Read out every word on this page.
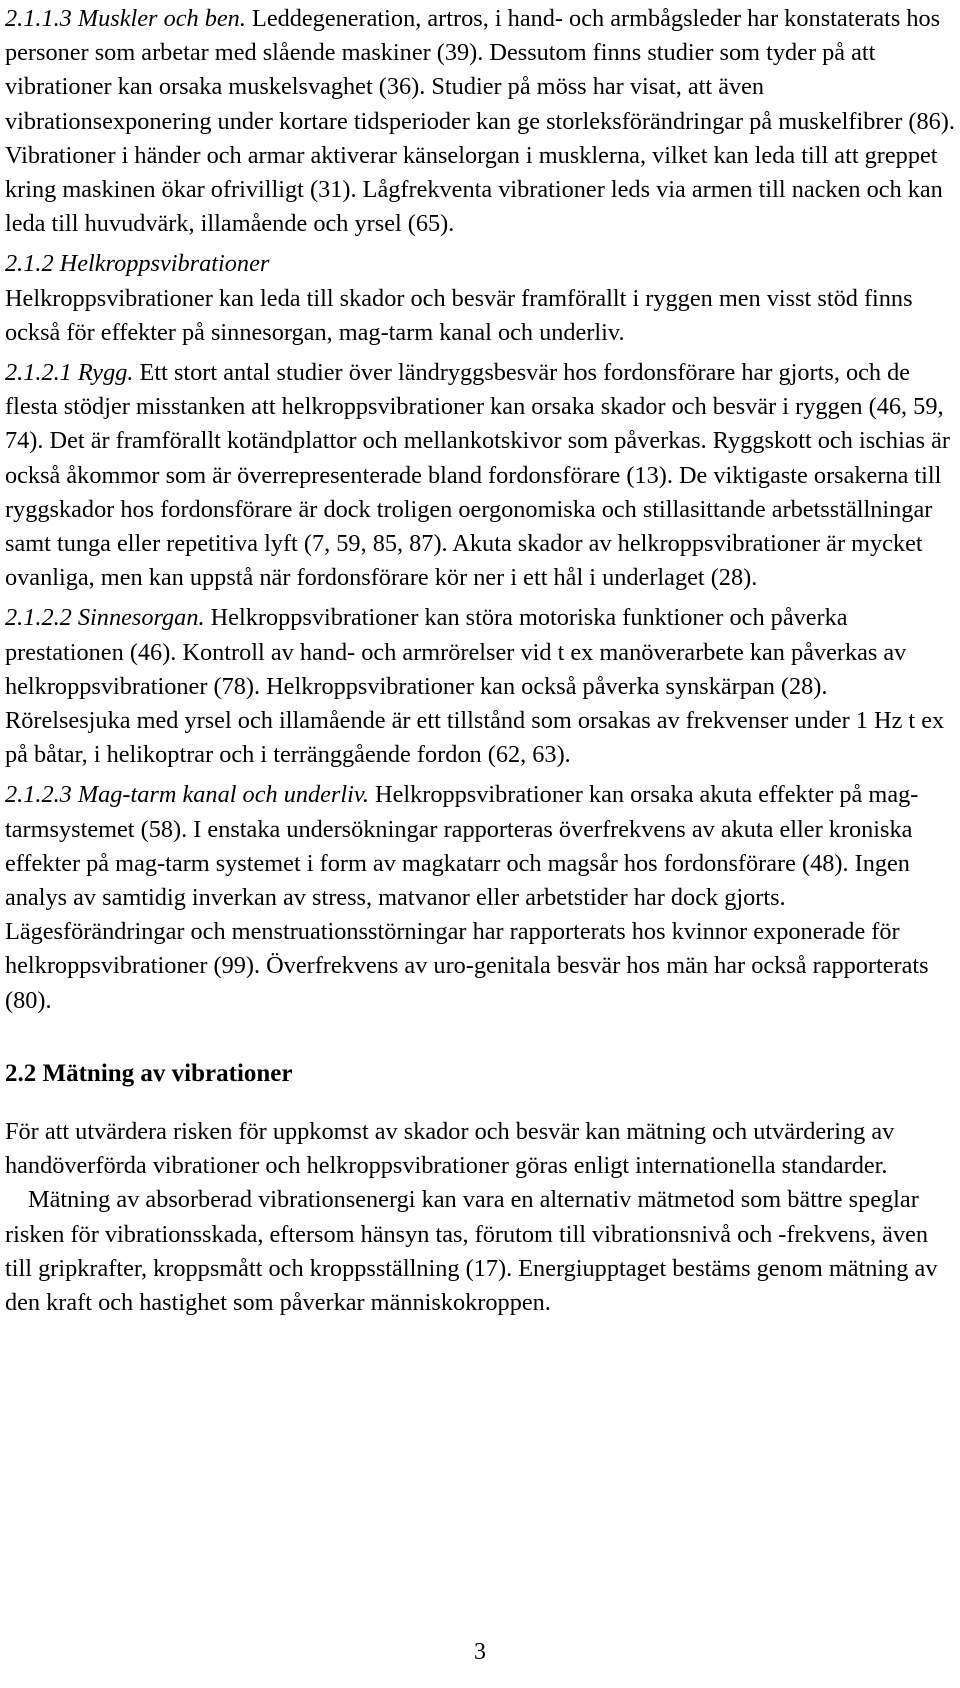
2.1.1.3 Muskler och ben. Leddegeneration, artros, i hand- och armbågsleder har konstaterats hos personer som arbetar med slående maskiner (39). Dessutom finns studier som tyder på att vibrationer kan orsaka muskelsvaghet (36). Studier på möss har visat, att även vibrationsexponering under kortare tidsperioder kan ge storleksförändringar på muskelfibrer (86). Vibrationer i händer och armar aktiverar känselorgan i musklerna, vilket kan leda till att greppet kring maskinen ökar ofrivilligt (31). Lågfrekventa vibrationer leds via armen till nacken och kan leda till huvudvärk, illamående och yrsel (65).

2.1.2 Helkroppsvibrationer

Helkroppsvibrationer kan leda till skador och besvär framförallt i ryggen men visst stöd finns också för effekter på sinnesorgan, mag-tarm kanal och underliv.

2.1.2.1 Rygg. Ett stort antal studier över ländryggsbesvär hos fordonsförare har gjorts, och de flesta stödjer misstanken att helkroppsvibrationer kan orsaka skador och besvär i ryggen (46, 59, 74). Det är framförallt kotändplattor och mellankotskivor som påverkas. Ryggskott och ischias är också åkommor som är överrepresenterade bland fordonsförare (13). De viktigaste orsakerna till ryggskador hos fordonsförare är dock troligen oergonomiska och stillasittande arbetsställningar samt tunga eller repetitiva lyft (7, 59, 85, 87). Akuta skador av helkroppsvibrationer är mycket ovanliga, men kan uppstå när fordonsförare kör ner i ett hål i underlaget (28).

2.1.2.2 Sinnesorgan. Helkroppsvibrationer kan störa motoriska funktioner och påverka prestationen (46). Kontroll av hand- och armrörelser vid t ex manöverarbete kan påverkas av helkroppsvibrationer (78). Helkroppsvibrationer kan också påverka synskärpan (28). Rörelsesjuka med yrsel och illamående är ett tillstånd som orsakas av frekvenser under 1 Hz t ex på båtar, i helikoptrar och i terränggående fordon (62, 63).

2.1.2.3 Mag-tarm kanal och underliv. Helkroppsvibrationer kan orsaka akuta effekter på mag-tarmsystemet (58). I enstaka undersökningar rapporteras överfrekvens av akuta eller kroniska effekter på mag-tarm systemet i form av magkatarr och magsår hos fordonsförare (48). Ingen analys av samtidig inverkan av stress, matvanor eller arbetstider har dock gjorts. Lägesförändringar och menstruationsstörningar har rapporterats hos kvinnor exponerade för helkroppsvibrationer (99). Överfrekvens av uro-genitala besvär hos män har också rapporterats (80).

2.2 Mätning av vibrationer

För att utvärdera risken för uppkomst av skador och besvär kan mätning och utvärdering av handöverförda vibrationer och helkroppsvibrationer göras enligt internationella standarder.

Mätning av absorberad vibrationsenergi kan vara en alternativ mätmetod som bättre speglar risken för vibrationsskada, eftersom hänsyn tas, förutom till vibrationsnivå och -frekvens, även till gripkrafter, kroppsmått och kroppsställning (17). Energiupptaget bestäms genom mätning av den kraft och hastighet som påverkar människokroppen.

3
